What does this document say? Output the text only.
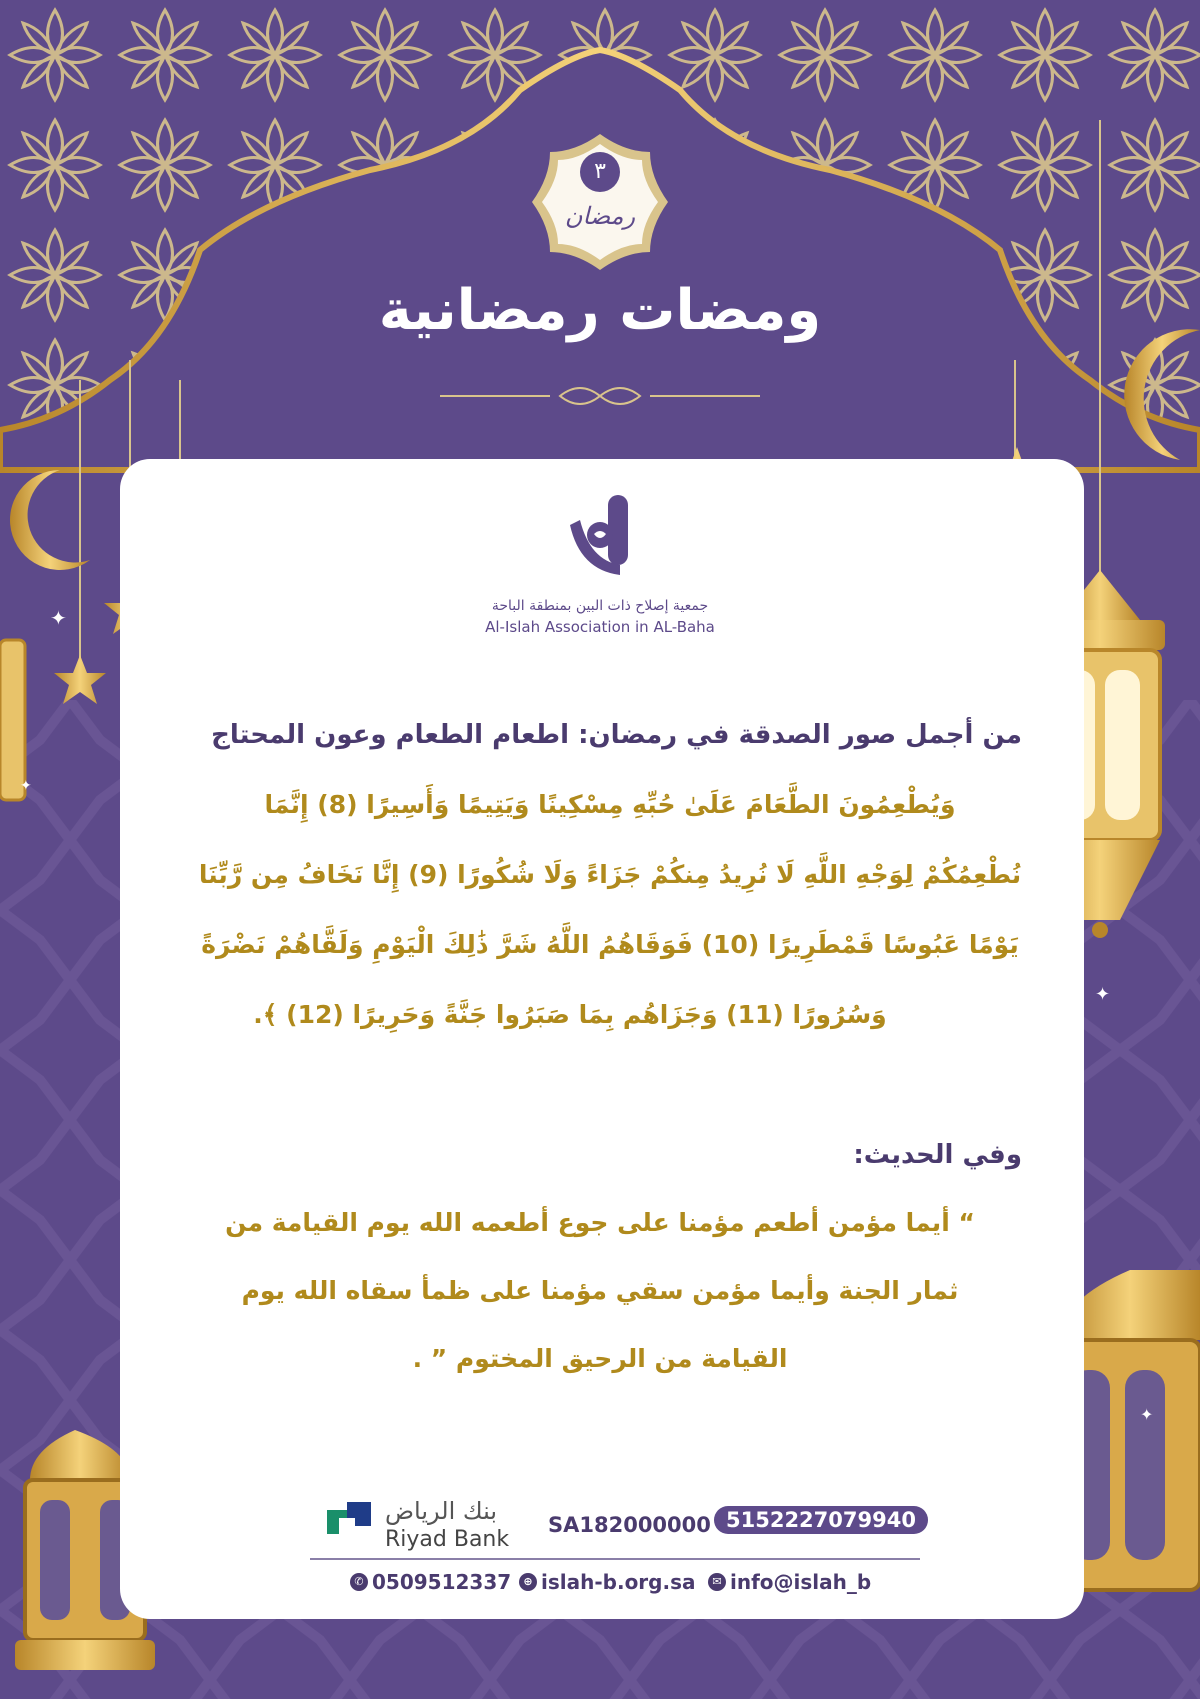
✦
✦
✦
✦
٣
رمضان
ومضات رمضانية
جمعية إصلاح ذات البين بمنطقة الباحة
Al-Islah Association in AL-Baha
من أجمل صور الصدقة في رمضان: اطعام الطعام وعون المحتاج
وَيُطْعِمُونَ الطَّعَامَ عَلَىٰ حُبِّهِ مِسْكِينًا وَيَتِيمًا وَأَسِيرًا (8) إِنَّمَا
نُطْعِمُكُمْ لِوَجْهِ اللَّهِ لَا نُرِيدُ مِنكُمْ جَزَاءً وَلَا شُكُورًا (9) إِنَّا نَخَافُ مِن رَّبِّنَا
يَوْمًا عَبُوسًا قَمْطَرِيرًا (10) فَوَقَاهُمُ اللَّهُ شَرَّ ذَٰلِكَ الْيَوْمِ وَلَقَّاهُمْ نَضْرَةً
وَسُرُورًا (11) وَجَزَاهُم بِمَا صَبَرُوا جَنَّةً وَحَرِيرًا (12) ﴾.
وفي الحديث:
“ أيما مؤمن أطعم مؤمنا على جوع أطعمه الله يوم القيامة من
ثمار الجنة وأيما مؤمن سقي مؤمنا على ظمأ سقاه الله يوم
القيامة من الرحيق المختوم ” .
بنك الرياض
Riyad Bank
SA182000000 5152227079940
✆ 0509512337	⊕ islah-b.org.sa	✉ info@islah_b
